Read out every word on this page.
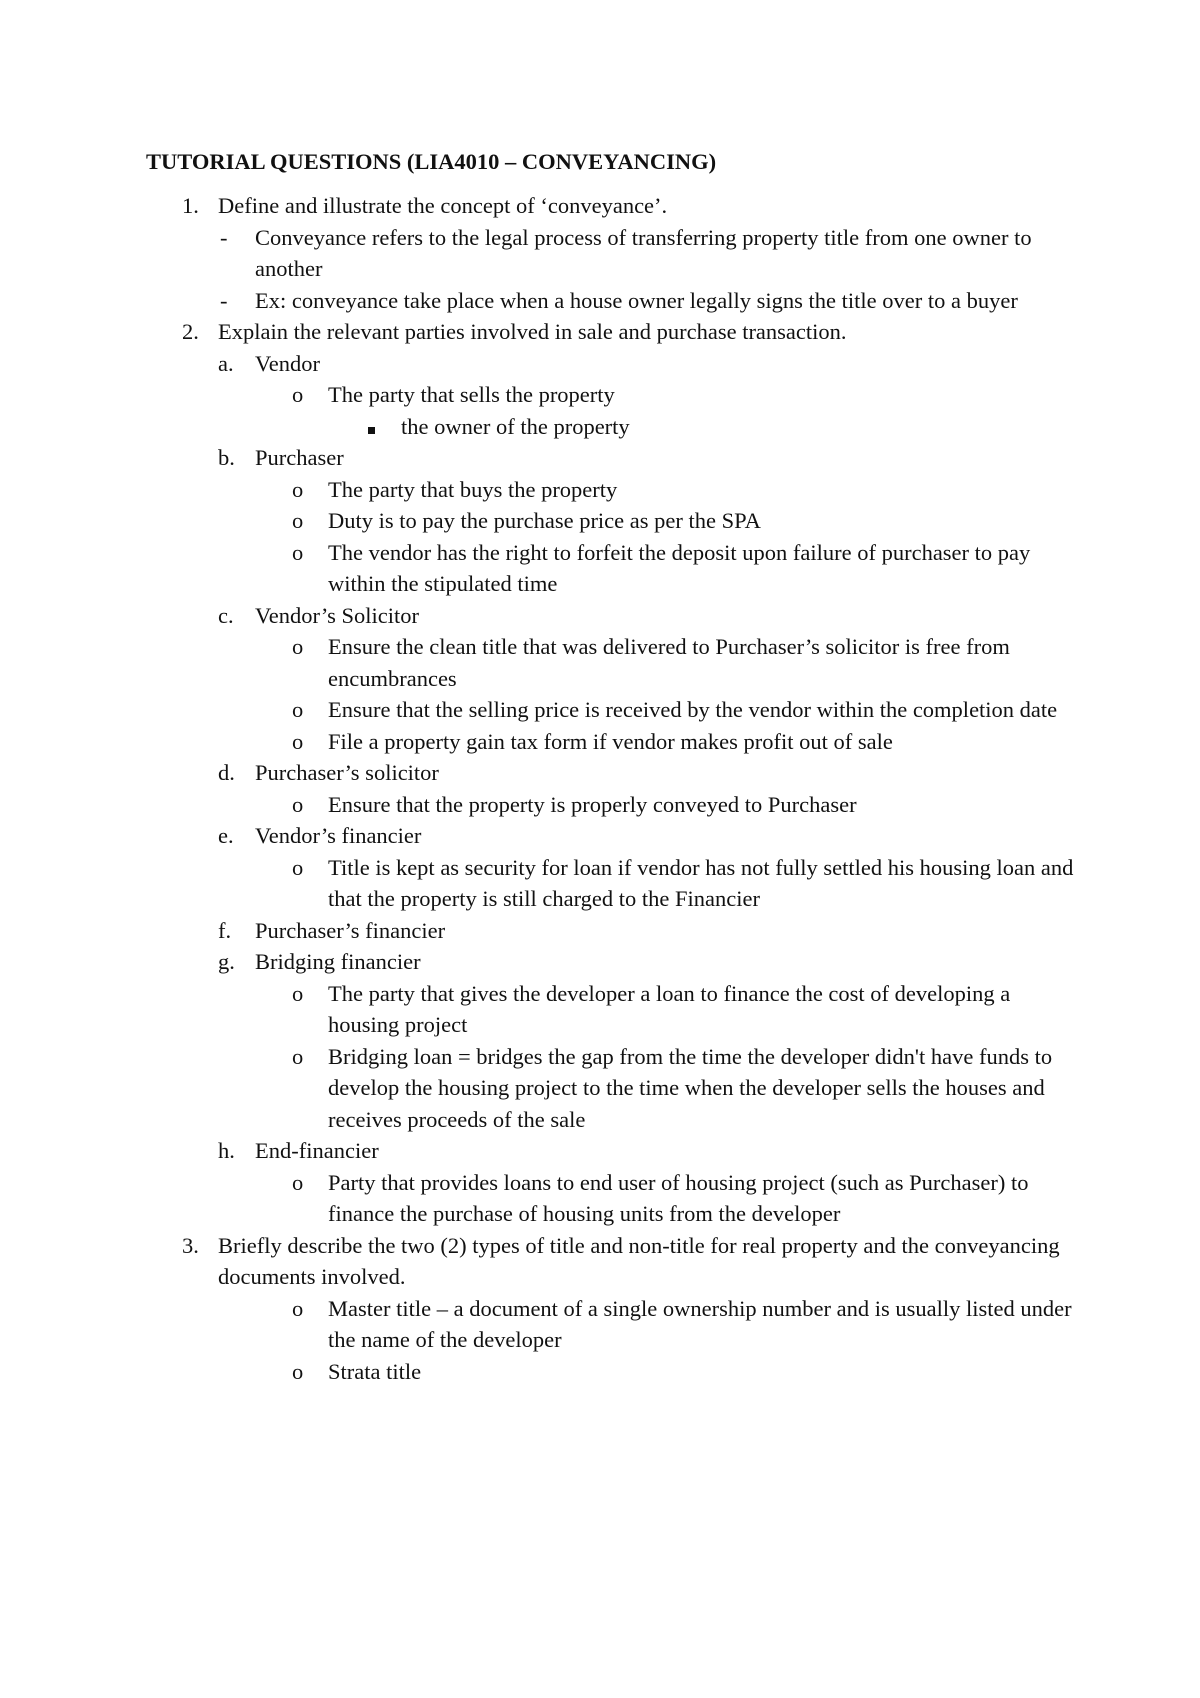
TUTORIAL QUESTIONS (LIA4010 – CONVEYANCING)
1. Define and illustrate the concept of ‘conveyance’.
- Conveyance refers to the legal process of transferring property title from one owner to another
- Ex: conveyance take place when a house owner legally signs the title over to a buyer
2. Explain the relevant parties involved in sale and purchase transaction.
a. Vendor
o The party that sells the property
the owner of the property
b. Purchaser
o The party that buys the property
o Duty is to pay the purchase price as per the SPA
o The vendor has the right to forfeit the deposit upon failure of purchaser to pay within the stipulated time
c. Vendor’s Solicitor
o Ensure the clean title that was delivered to Purchaser’s solicitor is free from encumbrances
o Ensure that the selling price is received by the vendor within the completion date
o File a property gain tax form if vendor makes profit out of sale
d. Purchaser’s solicitor
o Ensure that the property is properly conveyed to Purchaser
e. Vendor’s financier
o Title is kept as security for loan if vendor has not fully settled his housing loan and that the property is still charged to the Financier
f. Purchaser’s financier
g. Bridging financier
o The party that gives the developer a loan to finance the cost of developing a housing project
o Bridging loan = bridges the gap from the time the developer didn't have funds to develop the housing project to the time when the developer sells the houses and receives proceeds of the sale
h. End-financier
o Party that provides loans to end user of housing project (such as Purchaser) to finance the purchase of housing units from the developer
3. Briefly describe the two (2) types of title and non-title for real property and the conveyancing documents involved.
o Master title – a document of a single ownership number and is usually listed under the name of the developer
o Strata title
